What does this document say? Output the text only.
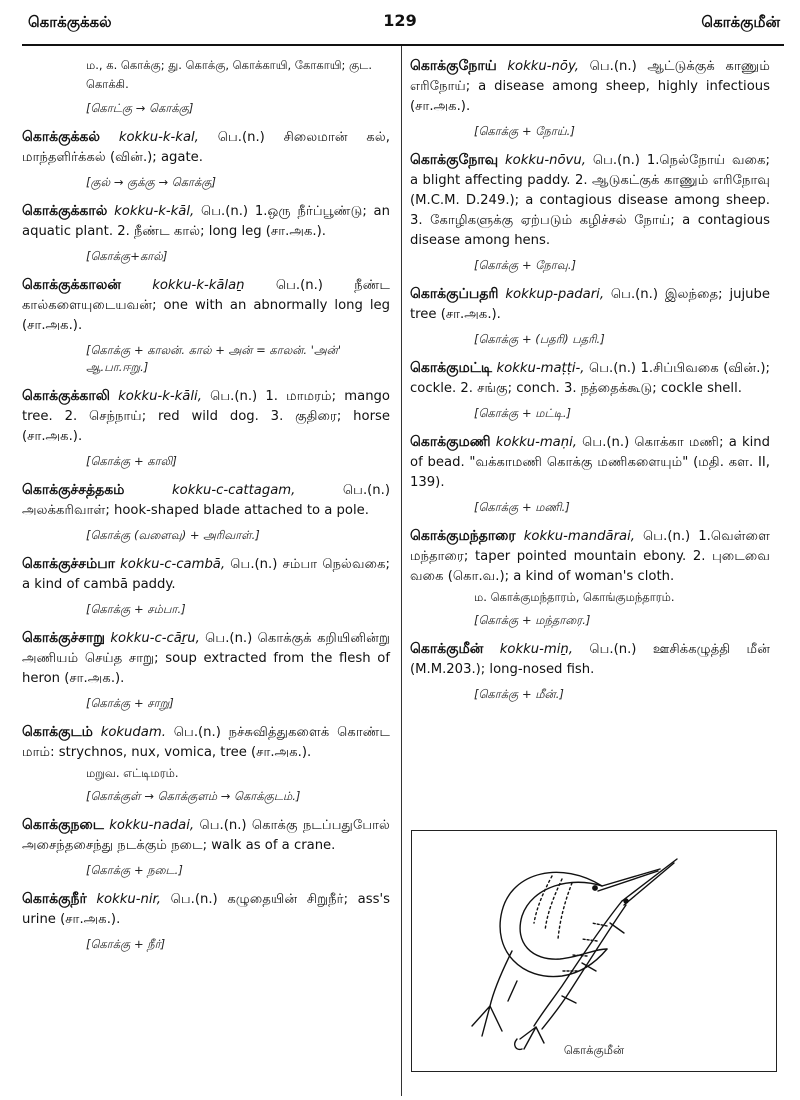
கொக்குக்கல்	129	கொக்குமீன்
ம., க. கொக்கு; து. கொக்கு, கொக்காயி, கோகாயி; குட. கொக்கி.
[கொட்கு → கொக்கு]
கொக்குக்கல் kokku-k-kal, பெ.(n.) சிலைமான் கல், மாந்தளிர்க்கல் (வின்.); agate.
[குல் → குக்கு → கொக்கு]
கொக்குக்கால் kokku-k-kāl, பெ.(n.) 1.ஒரு நீர்ப்பூண்டு; an aquatic plant. 2. நீண்ட கால்; long leg (சா.அக.).
[கொக்கு+கால்]
கொக்குக்காலன் kokku-k-kālaṉ பெ.(n.) நீண்ட கால்களையுடையவன்; one with an abnormally long leg (சா.அக.).
[கொக்கு + காலன். கால் + அன் = காலன். 'அன்' ஆ.பா.ஈறு.]
கொக்குக்காலி kokku-k-kāli, பெ.(n.) 1. மாமரம்; mango tree. 2. செந்நாய்; red wild dog. 3. குதிரை; horse (சா.அக.).
[கொக்கு + காலி]
கொக்குச்சத்தகம்	kokku-c-cattagam,	பெ.(n.) அலக்கரிவாள்; hook-shaped blade attached to a pole.
[கொக்கு (வளைவு) + அரிவாள்.]
கொக்குச்சம்பா kokku-c-cambā, பெ.(n.) சம்பா நெல்வகை; a kind of cambā paddy.
[கொக்கு + சம்பா.]
கொக்குச்சாறு kokku-c-cāṟu, பெ.(n.) கொக்குக் கறியினின்று அணியம் செய்த சாறு; soup extracted from the flesh of heron (சா.அக.).
[கொக்கு + சாறு]
கொக்குடம் kokudam. பெ.(n.) நச்சுவித்துகளைக் கொண்ட மாம்: strychnos, nux, vomica, tree (சா.அக.).
மறுவ. எட்டிமரம்.
[கொக்குள் → கொக்குளம் → கொக்குடம்.]
கொக்குநடை kokku-nadai, பெ.(n.) கொக்கு நடப்பதுபோல் அசைந்தசைந்து நடக்கும் நடை; walk as of a crane.
[கொக்கு + நடை.]
கொக்குநீர் kokku-nir, பெ.(n.) கழுதையின் சிறுநீர்; ass's urine (சா.அக.).
[கொக்கு + நீர்]
கொக்குநோய் kokku-nōy, பெ.(n.) ஆட்டுக்குக் காணும் எரிநோய்; a disease among sheep, highly infectious (சா.அக.).
[கொக்கு + நோய்.]
கொக்குநோவு kokku-nōvu, பெ.(n.) 1.நெல்நோய் வகை; a blight affecting paddy. 2. ஆடுகட்குக் காணும் எரிநோவு (M.C.M. D.249.); a contagious disease among sheep. 3. கோழிகளுக்கு ஏற்படும் கழிச்சல் நோய்; a contagious disease among hens.
[கொக்கு + நோவு.]
கொக்குப்பதரி kokkup-padari, பெ.(n.) இலந்தை; jujube tree (சா.அக.).
[கொக்கு + (பதரி) பதரி.]
கொக்குமட்டி kokku-maṭṭi-, பெ.(n.) 1.சிப்பிவகை (வின்.); cockle. 2. சங்கு; conch. 3. நத்தைக்கூடு; cockle shell.
[கொக்கு + மட்டி.]
கொக்குமணி kokku-maṇi, பெ.(n.) கொக்கா மணி; a kind of bead. "வக்காமணி கொக்கு மணிகளையும்" (மதி. கள. II, 139).
[கொக்கு + மணி.]
கொக்குமந்தாரை kokku-mandārai, பெ.(n.) 1.வெள்ளை மந்தாரை; taper pointed mountain ebony. 2. புடைவை வகை (கொ.வ.); a kind of woman's cloth.
ம. கொக்குமந்தாரம், கொங்குமந்தாரம்.
[கொக்கு + மந்தாரை.]
கொக்குமீன் kokku-miṉ, பெ.(n.) ஊசிக்கழுத்தி மீன் (M.M.203.); long-nosed fish.
[கொக்கு + மீன்.]
கொக்குமீன்
